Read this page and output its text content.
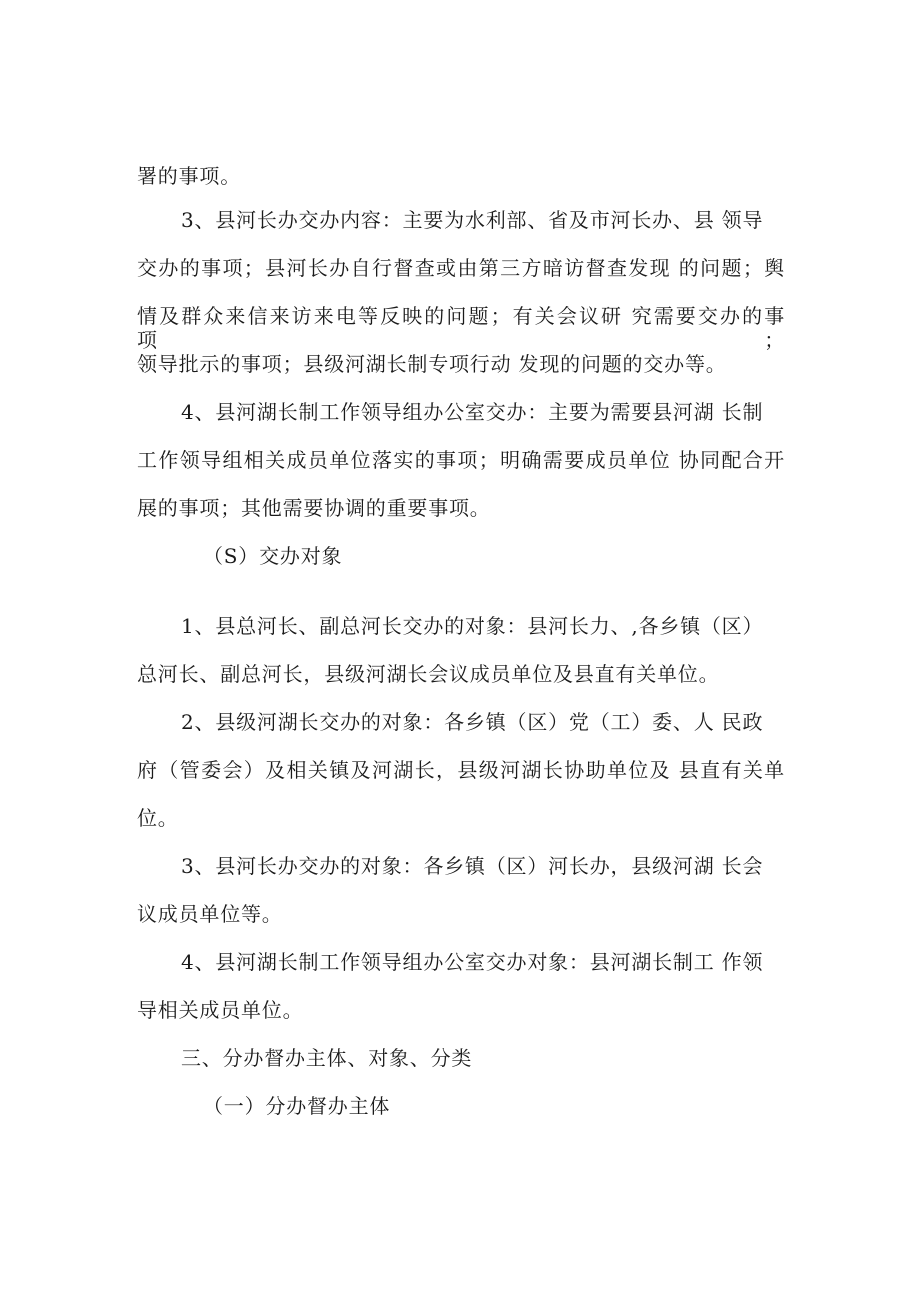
署的事项。
3、县河长办交办内容：主要为水利部、省及市河长办、县 领导
交办的事项；县河长办自行督查或由第三方暗访督查发现 的问题；舆
情及群众来信来访来电等反映的问题；有关会议研 究需要交办的事项；
领导批示的事项；县级河湖长制专项行动 发现的问题的交办等。
4、县河湖长制工作领导组办公室交办：主要为需要县河湖 长制
工作领导组相关成员单位落实的事项；明确需要成员单位 协同配合开
展的事项；其他需要协调的重要事项。
（S）交办对象
1、县总河长、副总河长交办的对象：县河长力、,各乡镇（区）
总河长、副总河长，县级河湖长会议成员单位及县直有关单位。
2、县级河湖长交办的对象：各乡镇（区）党（工）委、人 民政
府（管委会）及相关镇及河湖长，县级河湖长协助单位及 县直有关单
位。
3、县河长办交办的对象：各乡镇（区）河长办，县级河湖 长会
议成员单位等。
4、县河湖长制工作领导组办公室交办对象：县河湖长制工 作领
导相关成员单位。
三、分办督办主体、对象、分类
（一）分办督办主体
